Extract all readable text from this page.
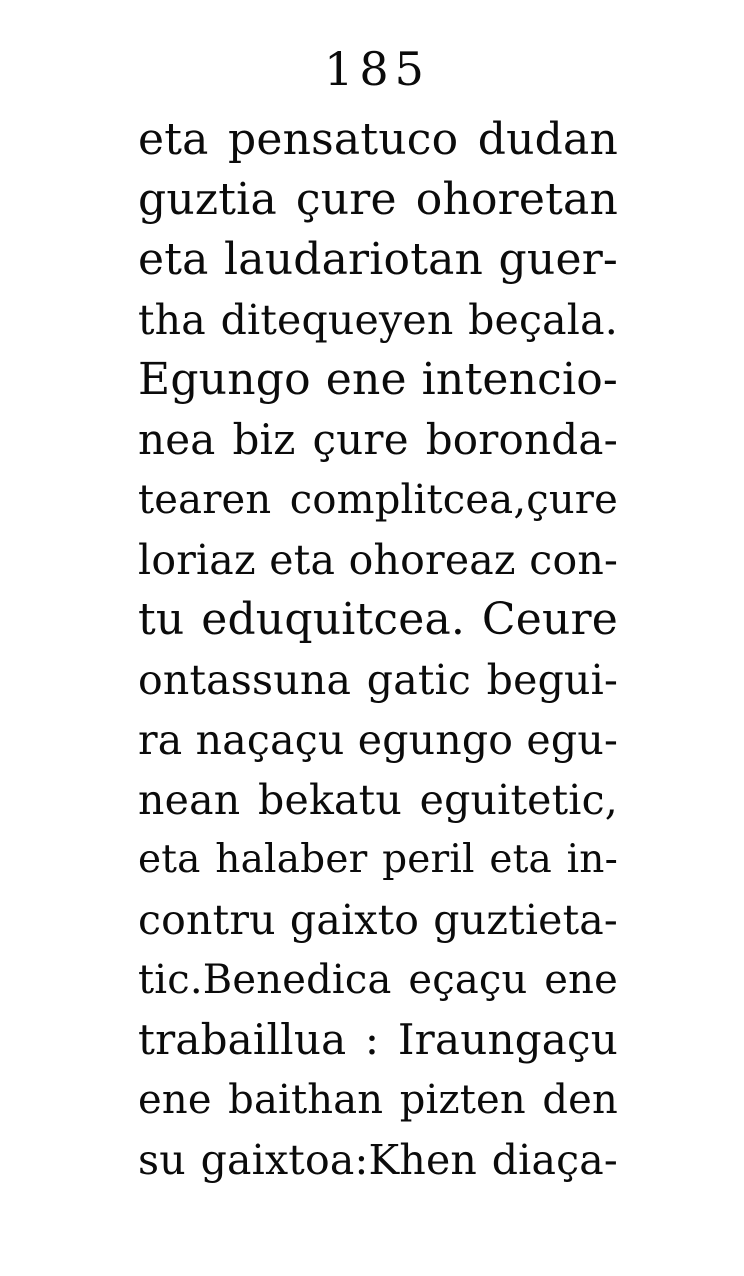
185
eta pensatuco dudan
guztia çure ohoretan
eta laudariotan guer-
tha ditequeyen beçala.
Egungo ene intencio-
nea biz çure boronda-
tearen complitcea,çure
loriaz eta ohoreaz con-
tu eduquitcea. Ceure
ontassuna gatic begui-
ra naçaçu egungo egu-
nean bekatu eguitetic,
eta halaber peril eta in-
contru gaixto guztieta-
tic.Benedica eçaçu ene
trabaillua : Iraungaçu
ene baithan pizten den
su gaixtoa:Khen diaça-
